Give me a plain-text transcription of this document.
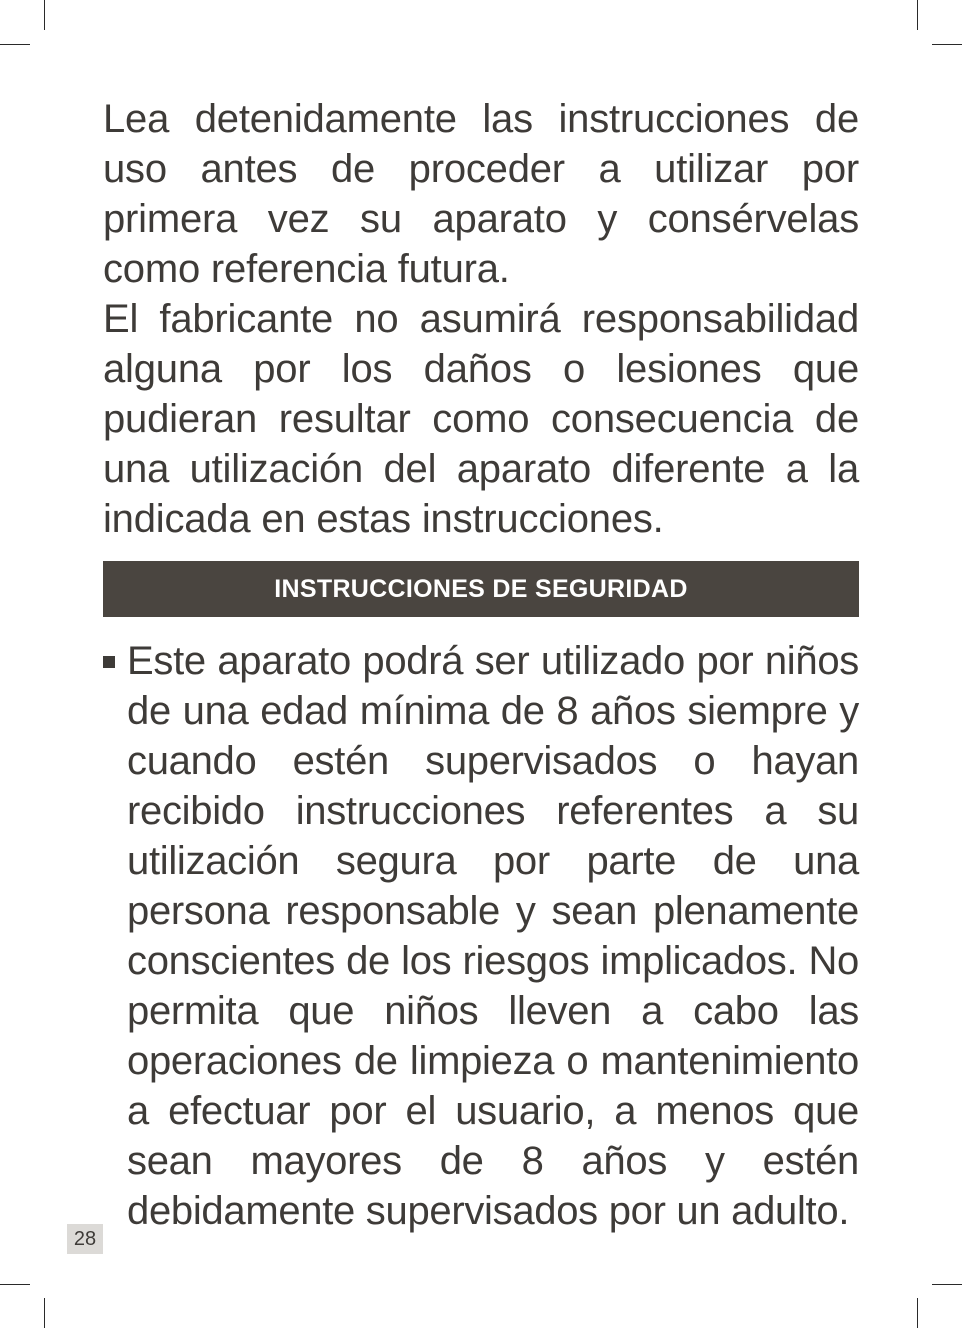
Lea detenidamente las instrucciones de uso antes de proceder a utilizar por primera vez su aparato y consérvelas como referencia futura.

El fabricante no asumirá responsabilidad alguna por los daños o lesiones que pudieran resultar como consecuencia de una utilización del aparato diferente a la indicada en estas instrucciones.

INSTRUCCIONES DE SEGURIDAD
Este aparato podrá ser utilizado por niños de una edad mínima de 8 años siempre y cuando estén supervisados o hayan recibido instrucciones referentes a su utilización segura por parte de una persona responsable y sean plenamente conscientes de los riesgos implicados. No permita que niños lleven a cabo las operaciones de limpieza o mantenimiento a efectuar por el usuario, a menos que sean mayores de 8 años y estén debidamente supervisados por un adulto.
28
